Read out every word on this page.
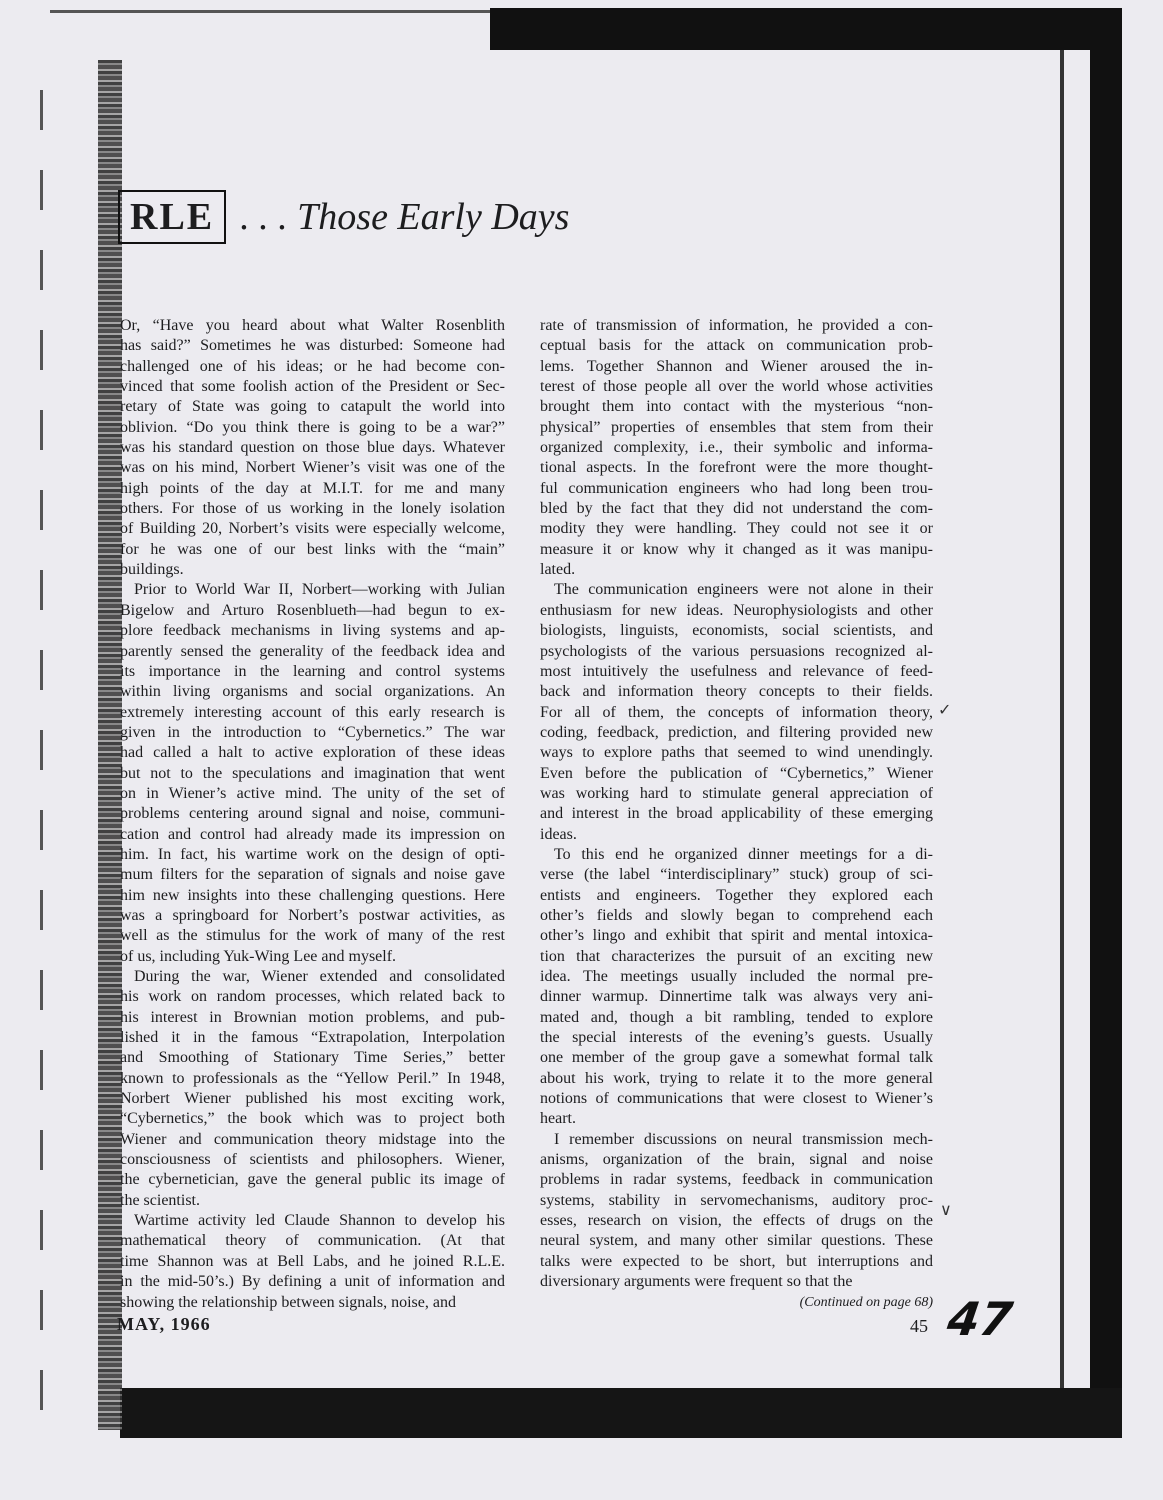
RLE . . . Those Early Days
Or, “Have you heard about what Walter Rosenblith
has said?” Sometimes he was disturbed: Someone had
challenged one of his ideas; or he had become con-
vinced that some foolish action of the President or Sec-
retary of State was going to catapult the world into
oblivion. “Do you think there is going to be a war?”
was his standard question on those blue days. Whatever
was on his mind, Norbert Wiener’s visit was one of the
high points of the day at M.I.T. for me and many
others. For those of us working in the lonely isolation
of Building 20, Norbert’s visits were especially welcome,
for he was one of our best links with the “main”
buildings.
Prior to World War II, Norbert—working with Julian
Bigelow and Arturo Rosenblueth—had begun to ex-
plore feedback mechanisms in living systems and ap-
parently sensed the generality of the feedback idea and
its importance in the learning and control systems
within living organisms and social organizations. An
extremely interesting account of this early research is
given in the introduction to “Cybernetics.” The war
had called a halt to active exploration of these ideas
but not to the speculations and imagination that went
on in Wiener’s active mind. The unity of the set of
problems centering around signal and noise, communi-
cation and control had already made its impression on
him. In fact, his wartime work on the design of opti-
mum filters for the separation of signals and noise gave
him new insights into these challenging questions. Here
was a springboard for Norbert’s postwar activities, as
well as the stimulus for the work of many of the rest
of us, including Yuk-Wing Lee and myself.
During the war, Wiener extended and consolidated
his work on random processes, which related back to
his interest in Brownian motion problems, and pub-
lished it in the famous “Extrapolation, Interpolation
and Smoothing of Stationary Time Series,” better
known to professionals as the “Yellow Peril.” In 1948,
Norbert Wiener published his most exciting work,
“Cybernetics,” the book which was to project both
Wiener and communication theory midstage into the
consciousness of scientists and philosophers. Wiener,
the cybernetician, gave the general public its image of
the scientist.
Wartime activity led Claude Shannon to develop his
mathematical theory of communication. (At that
time Shannon was at Bell Labs, and he joined R.L.E.
in the mid-50’s.) By defining a unit of information and
showing the relationship between signals, noise, and
rate of transmission of information, he provided a con-
ceptual basis for the attack on communication prob-
lems. Together Shannon and Wiener aroused the in-
terest of those people all over the world whose activities
brought them into contact with the mysterious “non-
physical” properties of ensembles that stem from their
organized complexity, i.e., their symbolic and informa-
tional aspects. In the forefront were the more thought-
ful communication engineers who had long been trou-
bled by the fact that they did not understand the com-
modity they were handling. They could not see it or
measure it or know why it changed as it was manipu-
lated.
The communication engineers were not alone in their
enthusiasm for new ideas. Neurophysiologists and other
biologists, linguists, economists, social scientists, and
psychologists of the various persuasions recognized al-
most intuitively the usefulness and relevance of feed-
back and information theory concepts to their fields.
For all of them, the concepts of information theory,
coding, feedback, prediction, and filtering provided new
ways to explore paths that seemed to wind unendingly.
Even before the publication of “Cybernetics,” Wiener
was working hard to stimulate general appreciation of
and interest in the broad applicability of these emerging
ideas.
To this end he organized dinner meetings for a di-
verse (the label “interdisciplinary” stuck) group of sci-
entists and engineers. Together they explored each
other’s fields and slowly began to comprehend each
other’s lingo and exhibit that spirit and mental intoxica-
tion that characterizes the pursuit of an exciting new
idea. The meetings usually included the normal pre-
dinner warmup. Dinnertime talk was always very ani-
mated and, though a bit rambling, tended to explore
the special interests of the evening’s guests. Usually
one member of the group gave a somewhat formal talk
about his work, trying to relate it to the more general
notions of communications that were closest to Wiener’s
heart.
I remember discussions on neural transmission mech-
anisms, organization of the brain, signal and noise
problems in radar systems, feedback in communication
systems, stability in servomechanisms, auditory proc-
esses, research on vision, the effects of drugs on the
neural system, and many other similar questions. These
talks were expected to be short, but interruptions and
diversionary arguments were frequent so that the
(Continued on page 68)
✓
∨
MAY, 1966	45 47
